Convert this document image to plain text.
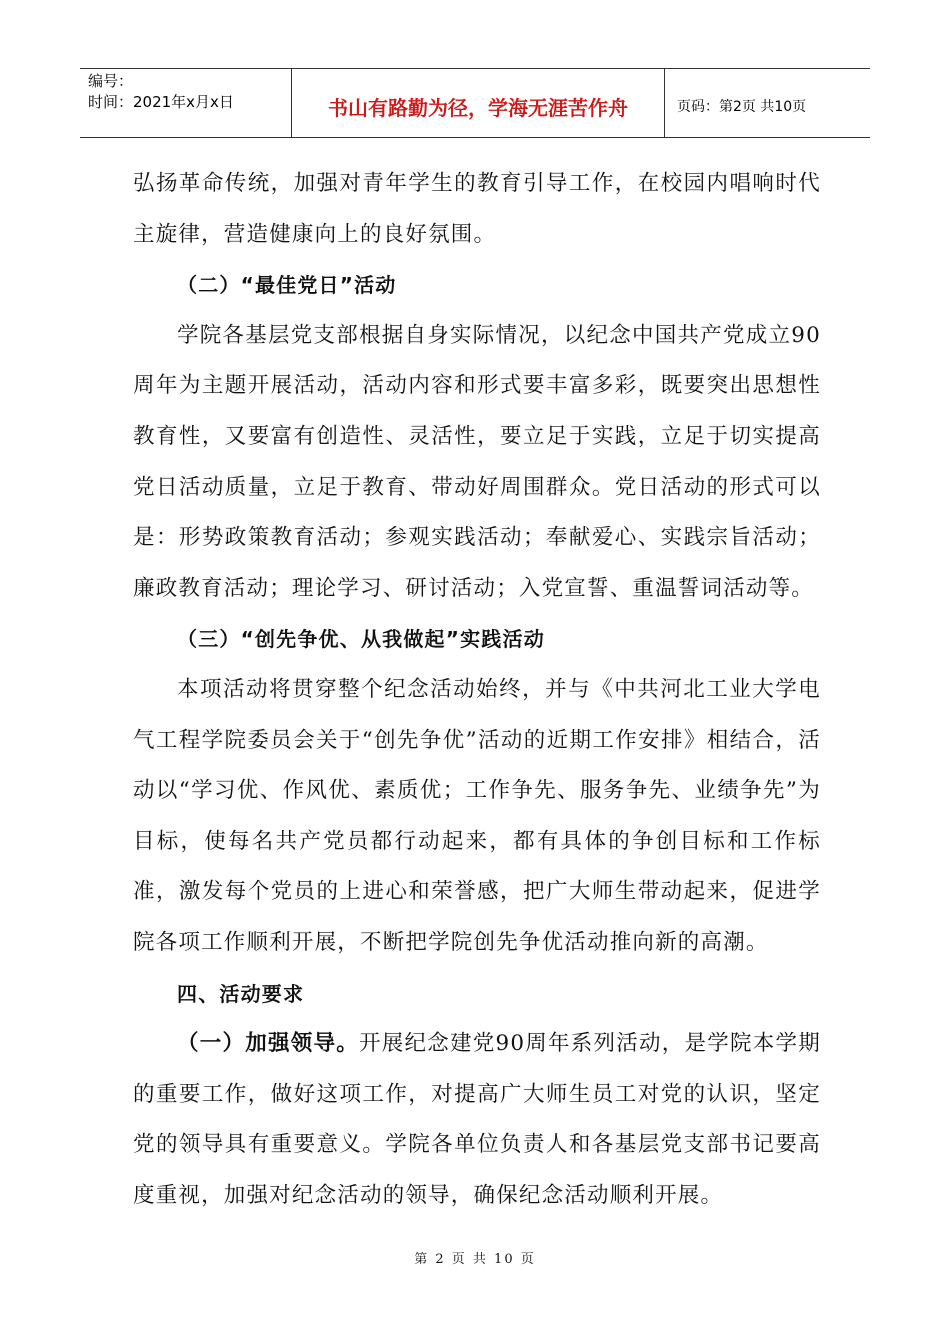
编号：
时间：2021年x月x日	书山有路勤为径，学海无涯苦作舟	页码：第2页 共10页

弘扬革命传统，加强对青年学生的教育引导工作，在校园内唱响时代主旋律，营造健康向上的良好氛围。

（二）“最佳党日”活动

学院各基层党支部根据自身实际情况，以纪念中国共产党成立90周年为主题开展活动，活动内容和形式要丰富多彩，既要突出思想性教育性，又要富有创造性、灵活性，要立足于实践，立足于切实提高党日活动质量，立足于教育、带动好周围群众。党日活动的形式可以是：形势政策教育活动；参观实践活动；奉献爱心、实践宗旨活动；廉政教育活动；理论学习、研讨活动；入党宣誓、重温誓词活动等。

（三）“创先争优、从我做起”实践活动

本项活动将贯穿整个纪念活动始终，并与《中共河北工业大学电气工程学院委员会关于“创先争优”活动的近期工作安排》相结合，活动以“学习优、作风优、素质优；工作争先、服务争先、业绩争先”为目标，使每名共产党员都行动起来，都有具体的争创目标和工作标准，激发每个党员的上进心和荣誉感，把广大师生带动起来，促进学院各项工作顺利开展，不断把学院创先争优活动推向新的高潮。

四、活动要求

（一）加强领导。开展纪念建党90周年系列活动，是学院本学期的重要工作，做好这项工作，对提高广大师生员工对党的认识，坚定党的领导具有重要意义。学院各单位负责人和各基层党支部书记要高度重视，加强对纪念活动的领导，确保纪念活动顺利开展。

第 2 页 共 10 页
